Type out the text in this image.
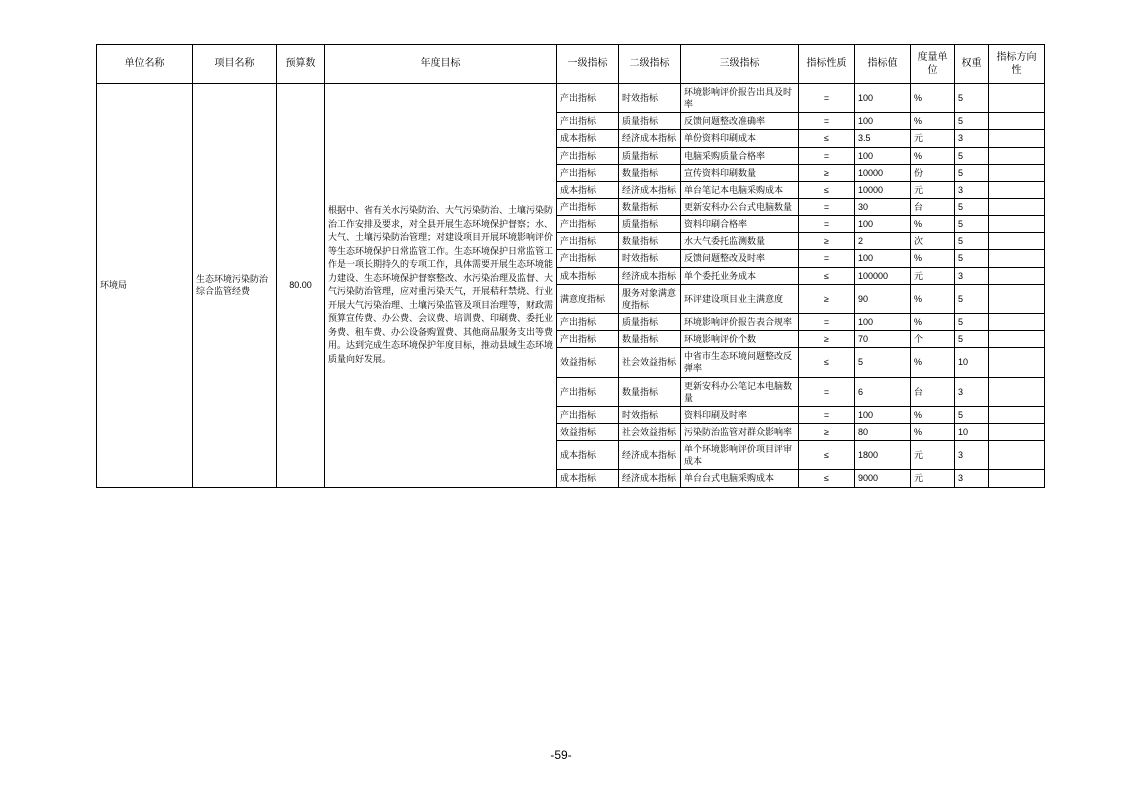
单位名称	项目名称	预算数	年度目标	一级指标	二级指标	三级指标	指标性质	指标值	度量单位	权重	指标方向性
环境局	生态环境污染防治综合监管经费	80.00	根据中、省有关水污染防治、大气污染防治、土壤污染防治工作安排及要求，对全县开展生态环境保护督察；水、大气、土壤污染防治管理；对建设项目开展环境影响评价等生态环境保护日常监管工作。生态环境保护日常监管工作是一项长期持久的专项工作，具体需要开展生态环境能力建设、生态环境保护督察整改、水污染治理及监督、大气污染防治管理，应对重污染天气，开展秸秆禁烧、行业开展大气污染治理、土壤污染监管及项目治理等，财政需预算宣传费、办公费、会议费、培训费、印刷费、委托业务费、租车费、办公设备购置费、其他商品服务支出等费用。达到完成生态环境保护年度目标，推动县域生态环境质量向好发展。	产出指标	时效指标	环境影响评价报告出具及时率	=	100	%	5	
				产出指标	质量指标	反馈问题整改准确率	=	100	%	5	
				成本指标	经济成本指标	单份资料印刷成本	≤	3.5	元	3	
				产出指标	质量指标	电脑采购质量合格率	=	100	%	5	
				产出指标	数量指标	宣传资料印刷数量	≥	10000	份	5	
				成本指标	经济成本指标	单台笔记本电脑采购成本	≤	10000	元	3	
				产出指标	数量指标	更新安科办公台式电脑数量	=	30	台	5	
				产出指标	质量指标	资料印刷合格率	=	100	%	5	
				产出指标	数量指标	水大气委托监测数量	≥	2	次	5	
				产出指标	时效指标	反馈问题整改及时率	=	100	%	5	
				成本指标	经济成本指标	单个委托业务成本	≤	100000	元	3	
				满意度指标	服务对象满意度指标	环评建设项目业主满意度	≥	90	%	5	
				产出指标	质量指标	环境影响评价报告表合规率	=	100	%	5	
				产出指标	数量指标	环境影响评价个数	≥	70	个	5	
				效益指标	社会效益指标	中省市生态环境问题整改反弹率	≤	5	%	10	
				产出指标	数量指标	更新安科办公笔记本电脑数量	=	6	台	3	
				产出指标	时效指标	资料印刷及时率	=	100	%	5	
				效益指标	社会效益指标	污染防治监管对群众影响率	≥	80	%	10	
				成本指标	经济成本指标	单个环境影响评价项目评审成本	≤	1800	元	3	
				成本指标	经济成本指标	单台台式电脑采购成本	≤	9000	元	3	
-59-
